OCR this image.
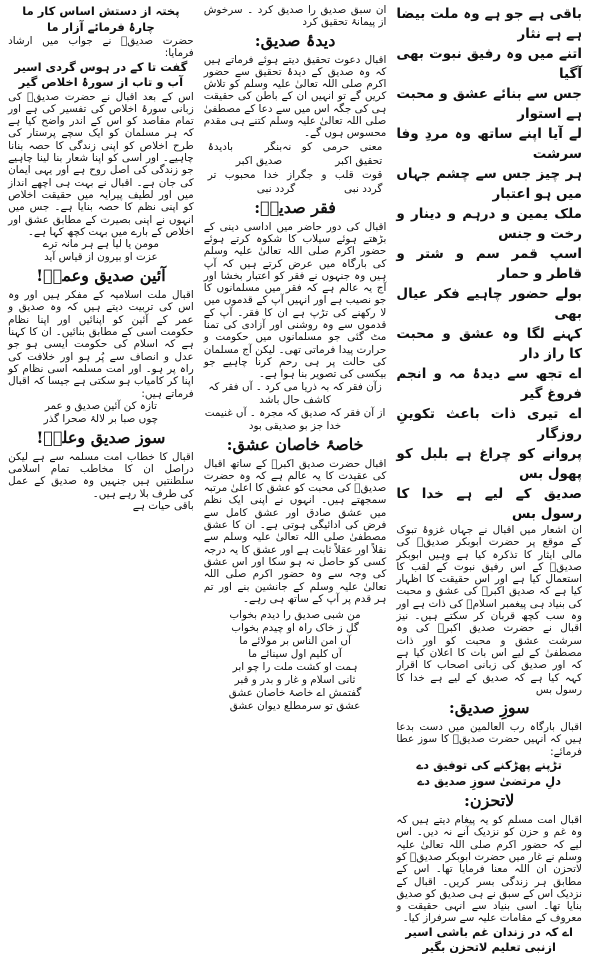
باقی ہے جو ہے وہ ملت بیضا ہے ہے نثار

اتنے میں وہ رفیق نبوت بھی آگیا

جس سے بنائے عشق و محبت ہے استوار

لے آیا اپنے ساتھ وہ مردِ وفا سرشت

ہر چیز جس سے چشم جہاں میں ہو اعتبار

ملک یمین و درہم و دینار و رخت و جنس

اسپ قمر سم و شتر و قاطر و حمار

بولے حضور چاہیے فکر عیال بھی

کہنے لگا وہ عشق و محبت کا راز دار

اے تجھ سے دیدۂ مہ و انجم فروغ گیر

اے تیری ذات باعث تکوینِ روزگار

پروانے کو چراغ ہے بلبل کو پھول بس

صدیق کے لیے ہے خدا کا رسول بس

ان اشعار میں اقبال نے جہاں غزوۂ تبوک کے موقع پر حضرت ابوبکر صدیقؓ کی مالی ایثار کا تذکرہ کیا ہے وہیں ابوبکر صدیقؓ کے اس رفیق نبوت کے لقب کا استعمال کیا ہے اور اس حقیقت کا اظہار کیا ہے کہ صدیق اکبرؓ کی عشق و محبت کی بنیاد ہی پیغمبر اسلامؐ کی ذات ہے اور وہ سب کچھ قربان کر سکتے ہیں۔ نیز اقبال نے حضرت صدیق اکبرؓ کی وہ سرشت عشق و محبت کو اور ذات مصطفیٰ کے لیے اس بات کا اعلان کیا ہے کہ اور صدیق کی زبانی اصحاب کا اقرار کہہ کیا ہے کہ صدیق کے لیے ہے خدا کا رسول بس

سوزِ صدیق:

اقبال بارگاہ رب العالمین میں دست بدعا ہیں کہ انہیں حضرت صدیقؓ کا سوز عطا فرمائے:

تڑپنے پھڑکنے کی توفیق دے

دلِ مرتضیٰ سوزِ صدیق دے

لاتحزن:

اقبال امت مسلم کو یہ پیغام دیتے ہیں کہ وہ غم و حزن کو نزدیک آنے نہ دیں۔ اس لیے کہ حضور اکرم صلی اللہ تعالیٰ علیہ وسلم نے غار میں حضرت ابوبکر صدیقؓ کو لاتحزن ان اللہ معنا فرمایا تھا۔ اس کے مطابق ہر زندگی بسر کریں۔ اقبال کے نزدیک اس کے سبق نے ہی صدیق کو صدیق بنایا تھا۔ اسی بنیاد سے انہی حقیقت و معروف کے مقامات علیہ سے سرفراز کیا۔

اے کہ در زندان غم باشی اسیر ازنبی تعلیم لاتحزن بگیر

ان سبق صدیق را صدیق کرد ۔ سرخوش از پیمانۂ تحقیق کرد

دیدۂ صدیق:

اقبال دعوت تحقیق دیتے ہوئے فرماتے ہیں کہ وہ صدیق کے دیدۂ تحقیق سے حضور اکرم صلی اللہ تعالیٰ علیہ وسلم کو تلاش کریں گے تو انہیں ان کے باطن کی حقیقت ہی کی جگہ اس میں سے دعا کے مصطفیٰ صلی اللہ تعالیٰ علیہ وسلم کتنے ہی مقدم محسوس ہوں گے۔

معنی حرمی کو نہ تحقیق اکبر
بنگر بادیدۂ صدیق اکبر
قوت قلب و جگر گردد نبی
از خدا محبوب تر گردد نبی
فقر صدیقؓ:

اقبال کی دور حاضر میں اداسی دینی کے بڑھتے ہوئے سیلاب کا شکوہ کرتے ہوئے حضور اکرم صلی اللہ تعالیٰ علیہ وسلم کی بارگاہ میں عرض کرتے ہیں کہ آپ ہیں وہ جنہوں نے فقر کو اعتبار بخشا اور آج یہ عالم ہے کہ فقر میں مسلمانوں کا جو نصیب ہے اور انہیں آپ کے قدموں میں لا رکھنے کی تڑپ ہے ان کا فقر۔ آپ کے قدموں سے وہ روشنی اور آزادی کی تمنا مٹ گئی جو مسلمانوں میں حکومت و حرارت پیدا فرماتی تھی۔ لیکن آج مسلمان کی حالت پر ہی رحم کرنا چاہیے جو بیکسی کی تصویر بنا ہوا ہے۔

زآن فقر کہ بہ ذریا می کرد ۔ آں فقر کہ کاشف حال باشد

از آن فقر کہ صدیق کہ مجرہ ۔ آں غنیمت خدا جز بو صدیقی بود

خاصۂ خاصان عشق:

اقبال حضرت صدیق اکبرؓ کے ساتھ اقبال کی عقیدت کا یہ عالم ہے کہ وہ حضرت صدیقؓ کی محبت کو عشق کا اعلیٰ مرتبہ سمجھتے ہیں۔ انہوں نے اپنی ایک نظم میں عشق صادق اور عشق کامل سے فرض کی ادائیگی ہوتی ہے۔ ان کا عشق مصطفیٰ صلی اللہ تعالیٰ علیہ وسلم سے نقلاً اور عقلاً ثابت ہے اور عشق کا یہ درجہ کسی کو حاصل نہ ہو سکا اور اس عشق کی وجہ سے وہ حضور اکرم صلی اللہ تعالیٰ علیہ وسلم کے جانشین بنے اور تم ہر قدم پر آپ کے ساتھ ہی رہے۔

من شبی صدیق را دیدم بخواب

گل ز خاک راہ او چیدم بخواب

آں امن الناس بر مولائے ما

آں کلیم اول سینائے ما

ہمت او کشت ملت را چو ابر

ثانی اسلام و غار و بدر و قبر

گفتمش اے خاصۂ خاصان عشق

عشق تو سرمطلع دیوان عشق

پختہ از دستش اساس کار ما

چارۂ فرمائے آزار ما

حضرت صدیقؓ نے جواب میں ارشاد فرمایا:

گفت تا کے در ہوس گردی اسیر

آب و تاب از سورۂ اخلاص گیر

اس کے بعد اقبال نے حضرت صدیقؓ کی زبانی سورۂ اخلاص کی تفسیر کی ہے اور تمام مقاصد کو اس کے اندر واضح کیا ہے کہ ہر مسلمان کو ایک سچے پرستار کی طرح اخلاص کو اپنی زندگی کا حصہ بنانا چاہیے۔ اور اسی کو اپنا شعار بنا لینا چاہیے جو زندگی کی اصل روح ہے اور یہی ایمان کی جان ہے۔ اقبال نے بہت ہی اچھے انداز میں اور لطیف پیرایہ میں حقیقت اخلاص کو اپنی نظم کا حصہ بنایا ہے۔ جس میں انہوں نے اپنی بصیرت کے مطابق عشق اور اخلاص کے بارے میں بہت کچھ کہا ہے۔

مومن یا لیا ہے ہر مانہ ترے

عزت او بیرون از قیاس آید

آئین صدیق وعمرؓ!

اقبال ملت اسلامیہ کے مفکر ہیں اور وہ اس کی تربیت دیتے ہیں کہ وہ صدیق و عمر کے آئین کو اپنائیں اور اپنا نظام حکومت اسی کے مطابق بنائیں۔ ان کا کہنا ہے کہ اسلام کی حکومت ایسی ہو جو عدل و انصاف سے پُر ہو اور خلافت کی راہ پر ہو۔ اور امت مسلمہ اسی نظام کو اپنا کر کامیاب ہو سکتی ہے جیسا کہ اقبال فرماتے ہیں:

تازہ کن آئین صدیق و عمر

چوں صبا بر لالۂ صحرا گذر

سوز صدیق وعلیؓ!

اقبال کا خطاب امت مسلمہ سے ہے لیکن دراصل ان کا مخاطب تمام اسلامی سلطنتیں ہیں جنہیں وہ صدیق کے عمل کی طرف بلا رہے ہیں۔

باقی حیات ہے
